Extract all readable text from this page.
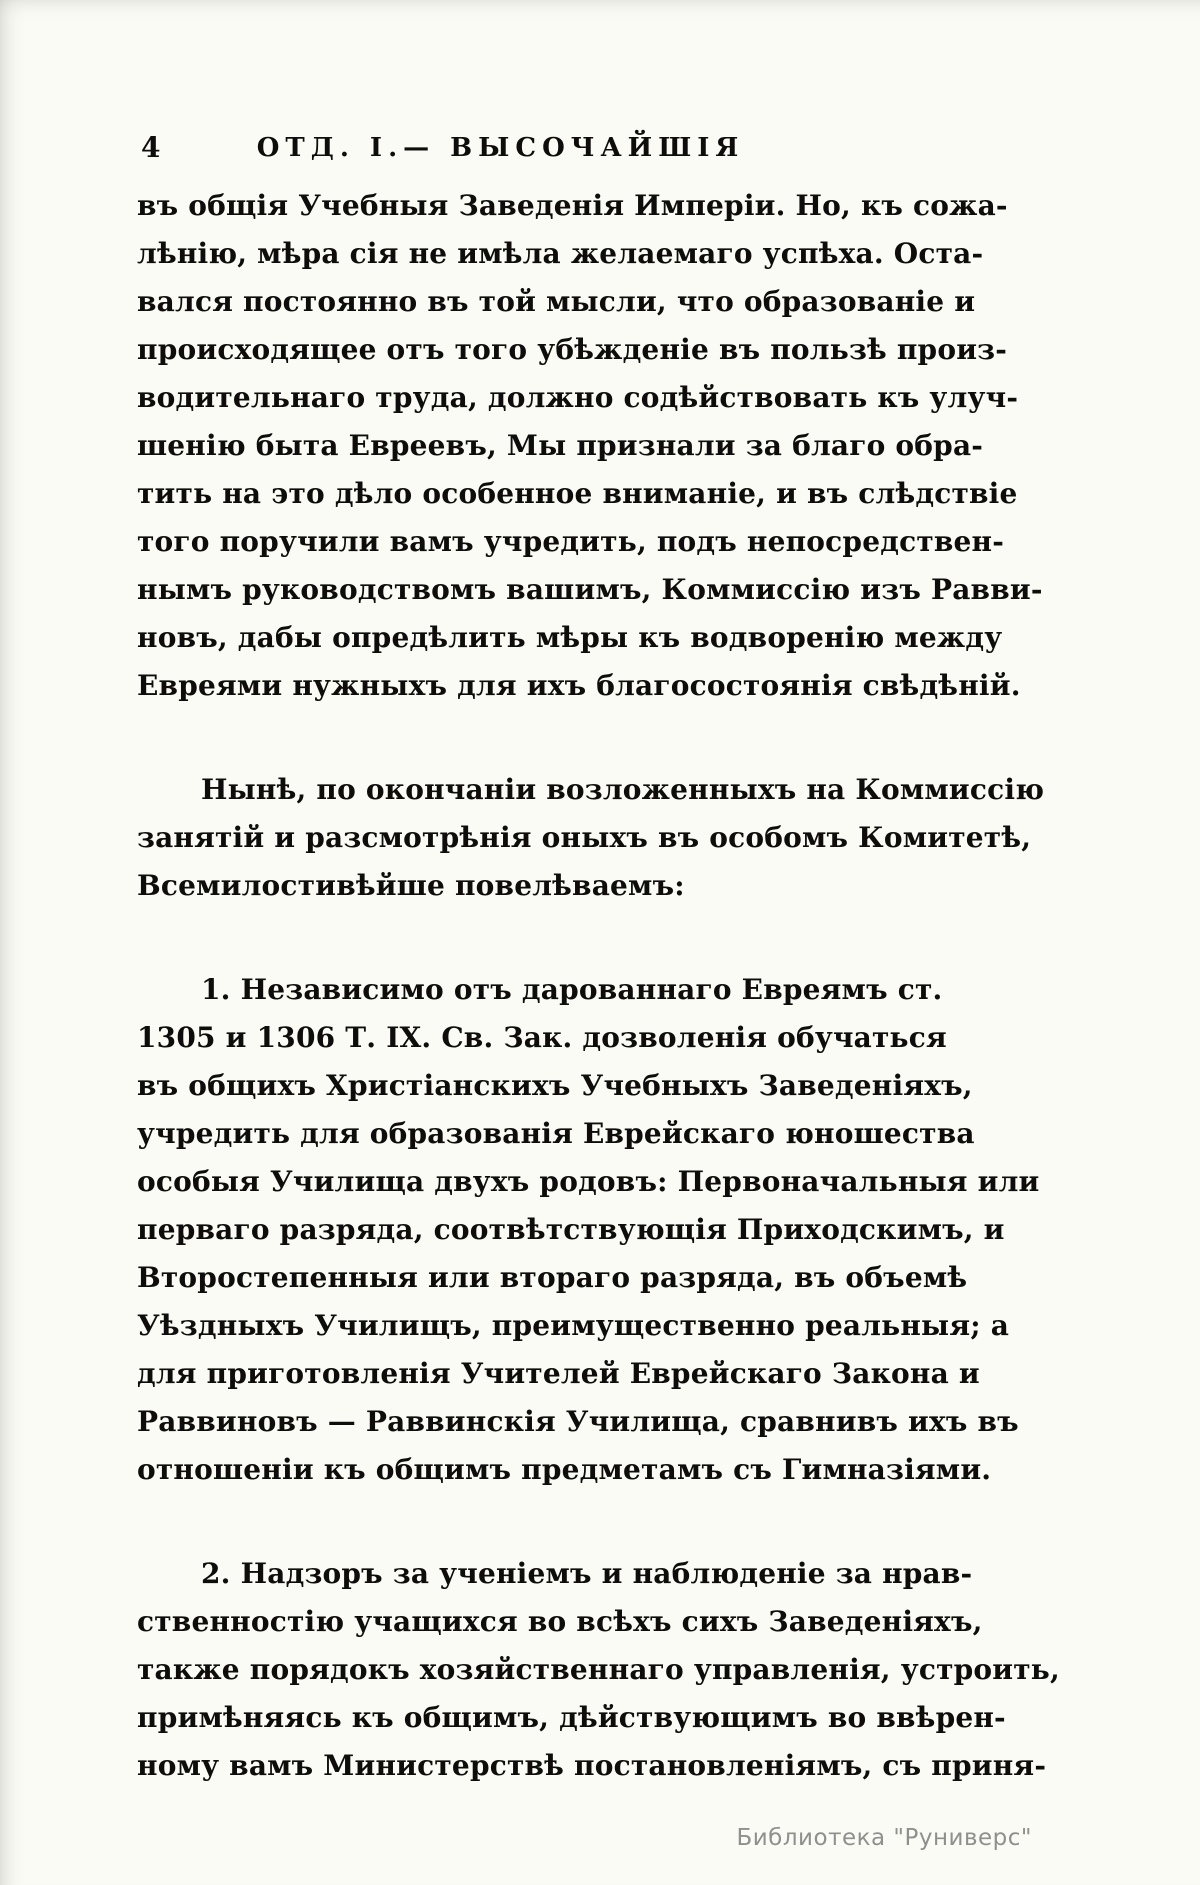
4	ОТД. І.— ВЫСОЧАЙШІЯ
въ общія Учебныя Заведенія Имперіи. Но, къ сожа-
лѣнію, мѣра сія не имѣла желаемаго успѣха. Оста-
вался постоянно въ той мысли, что образованіе и
происходящее отъ того убѣжденіе въ пользѣ произ-
водительнаго труда, должно содѣйствовать къ улуч-
шенію быта Евреевъ, Мы признали за благо обра-
тить на это дѣло особенное вниманіе, и въ слѣдствіе
того поручили вамъ учредить, подъ непосредствен-
нымъ руководствомъ вашимъ, Коммиссію изъ Равви-
новъ, дабы опредѣлить мѣры къ водворенію между
Евреями нужныхъ для ихъ благосостоянія свѣдѣній.
Нынѣ, по окончаніи возложенныхъ на Коммиссію
занятій и разсмотрѣнія оныхъ въ особомъ Комитетѣ,
Всемилостивѣйше повелѣваемъ:
1. Независимо отъ дарованнаго Евреямъ ст.
1305 и 1306 Т. IX. Св. Зак. дозволенія обучаться
въ общихъ Христіанскихъ Учебныхъ Заведеніяхъ,
учредить для образованія Еврейскаго юношества
особыя Училища двухъ родовъ: Первоначальныя или
перваго разряда, соотвѣтствующія Приходскимъ, и
Второстепенныя или втораго разряда, въ объемѣ
Уѣздныхъ Училищъ, преимущественно реальныя; а
для приготовленія Учителей Еврейскаго Закона и
Раввиновъ — Раввинскія Училища, сравнивъ ихъ въ
отношеніи къ общимъ предметамъ съ Гимназіями.
2. Надзоръ за ученіемъ и наблюденіе за нрав-
ственностію учащихся во всѣхъ сихъ Заведеніяхъ,
также порядокъ хозяйственнаго управленія, устроить,
примѣняясь къ общимъ, дѣйствующимъ во ввѣрен-
ному вамъ Министерствѣ постановленіямъ, съ приня-
Библиотека "Руниверс"
